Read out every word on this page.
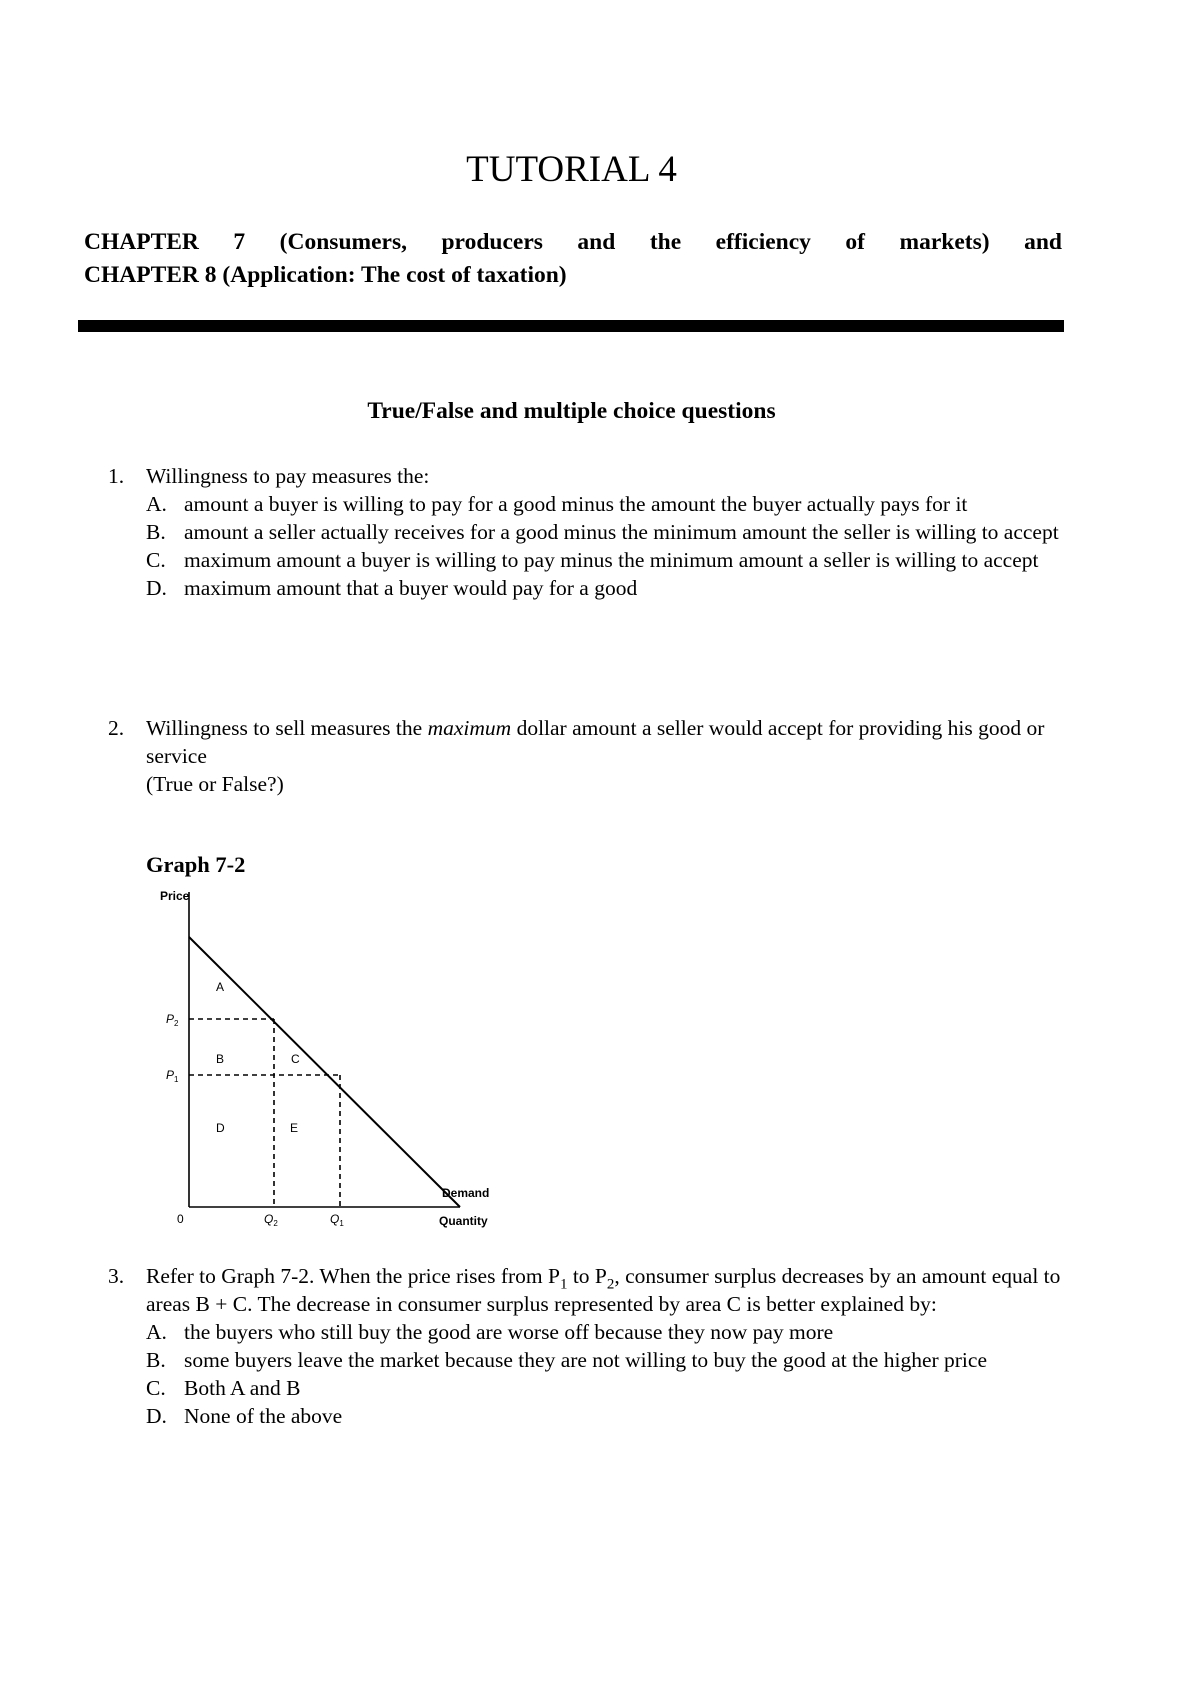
TUTORIAL 4
CHAPTER 7 (Consumers, producers and the efficiency of markets) and
CHAPTER 8 (Application: The cost of taxation)
True/False and multiple choice questions
1. Willingness to pay measures the:
A. amount a buyer is willing to pay for a good minus the amount the buyer actually pays for it
B. amount a seller actually receives for a good minus the minimum amount the seller is willing to accept
C. maximum amount a buyer is willing to pay minus the minimum amount a seller is willing to accept
D. maximum amount that a buyer would pay for a good
2. Willingness to sell measures the maximum dollar amount a seller would accept for providing his good or service
(True or False?)
Graph 7-2
Price
$P_2$
$P_1$
0	$Q_2$	$Q_1$	Quantity
Demand
A
B	C
D	E
3. Refer to Graph 7-2. When the price rises from $P_1$ to $P_2$, consumer surplus decreases by an amount equal to areas B + C. The decrease in consumer surplus represented by area C is better explained by:
A. the buyers who still buy the good are worse off because they now pay more
B. some buyers leave the market because they are not willing to buy the good at the higher price
C. Both A and B
D. None of the above
